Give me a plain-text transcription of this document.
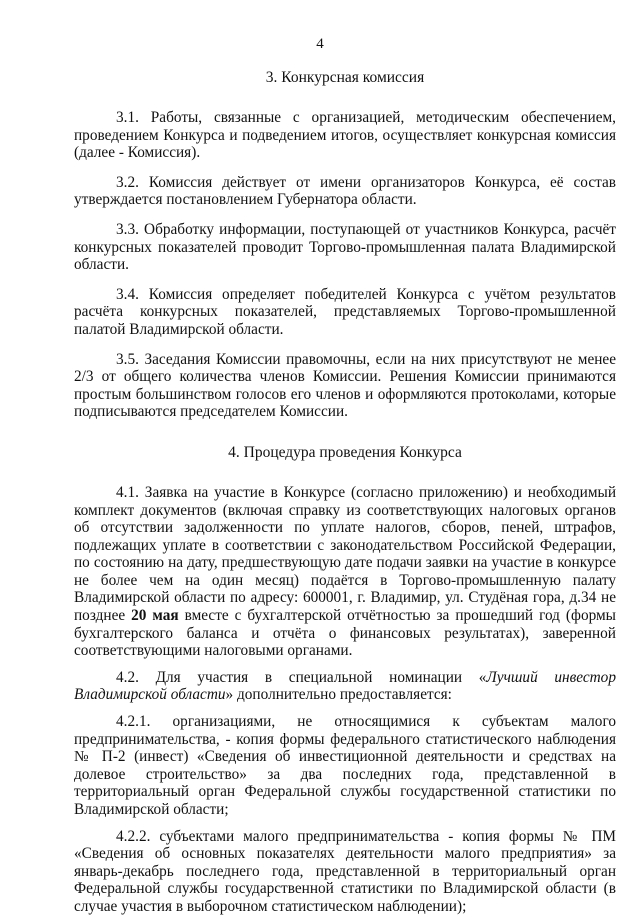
4

3. Конкурсная комиссия

3.1. Работы, связанные с организацией, методическим обеспечением, проведением Конкурса и подведением итогов, осуществляет конкурсная комиссия (далее - Комиссия).

3.2. Комиссия действует от имени организаторов Конкурса, её состав утверждается постановлением Губернатора области.

3.3. Обработку информации, поступающей от участников Конкурса, расчёт конкурсных показателей проводит Торгово-промышленная палата Владимирской области.

3.4. Комиссия определяет победителей Конкурса с учётом результатов расчёта конкурсных показателей, представляемых Торгово-промышленной палатой Владимирской области.

3.5. Заседания Комиссии правомочны, если на них присутствуют не менее 2/3 от общего количества членов Комиссии. Решения Комиссии принимаются простым большинством голосов его членов и оформляются протоколами, которые подписываются председателем Комиссии.

4. Процедура проведения Конкурса

4.1. Заявка на участие в Конкурсе (согласно приложению) и необходимый комплект документов (включая справку из соответствующих налоговых органов об отсутствии задолженности по уплате налогов, сборов, пеней, штрафов, подлежащих уплате в соответствии с законодательством Российской Федерации, по состоянию на дату, предшествующую дате подачи заявки на участие в конкурсе не более чем на один месяц) подаётся в Торгово-промышленную палату Владимирской области по адресу: 600001, г. Владимир, ул. Студёная гора, д.34 не позднее 20 мая вместе с бухгалтерской отчётностью за прошедший год (формы бухгалтерского баланса и отчёта о финансовых результатах), заверенной соответствующими налоговыми органами.

4.2. Для участия в специальной номинации «Лучший инвестор Владимирской области» дополнительно предоставляется:

4.2.1. организациями, не относящимися к субъектам малого предпринимательства, - копия формы федерального статистического наблюдения № П-2 (инвест) «Сведения об инвестиционной деятельности и средствах на долевое строительство» за два последних года, представленной в территориальный орган Федеральной службы государственной статистики по Владимирской области;

4.2.2. субъектами малого предпринимательства - копия формы № ПМ «Сведения об основных показателях деятельности малого предприятия» за январь-декабрь последнего года, представленной в территориальный орган Федеральной службы государственной статистики по Владимирской области (в случае участия в выборочном статистическом наблюдении);
